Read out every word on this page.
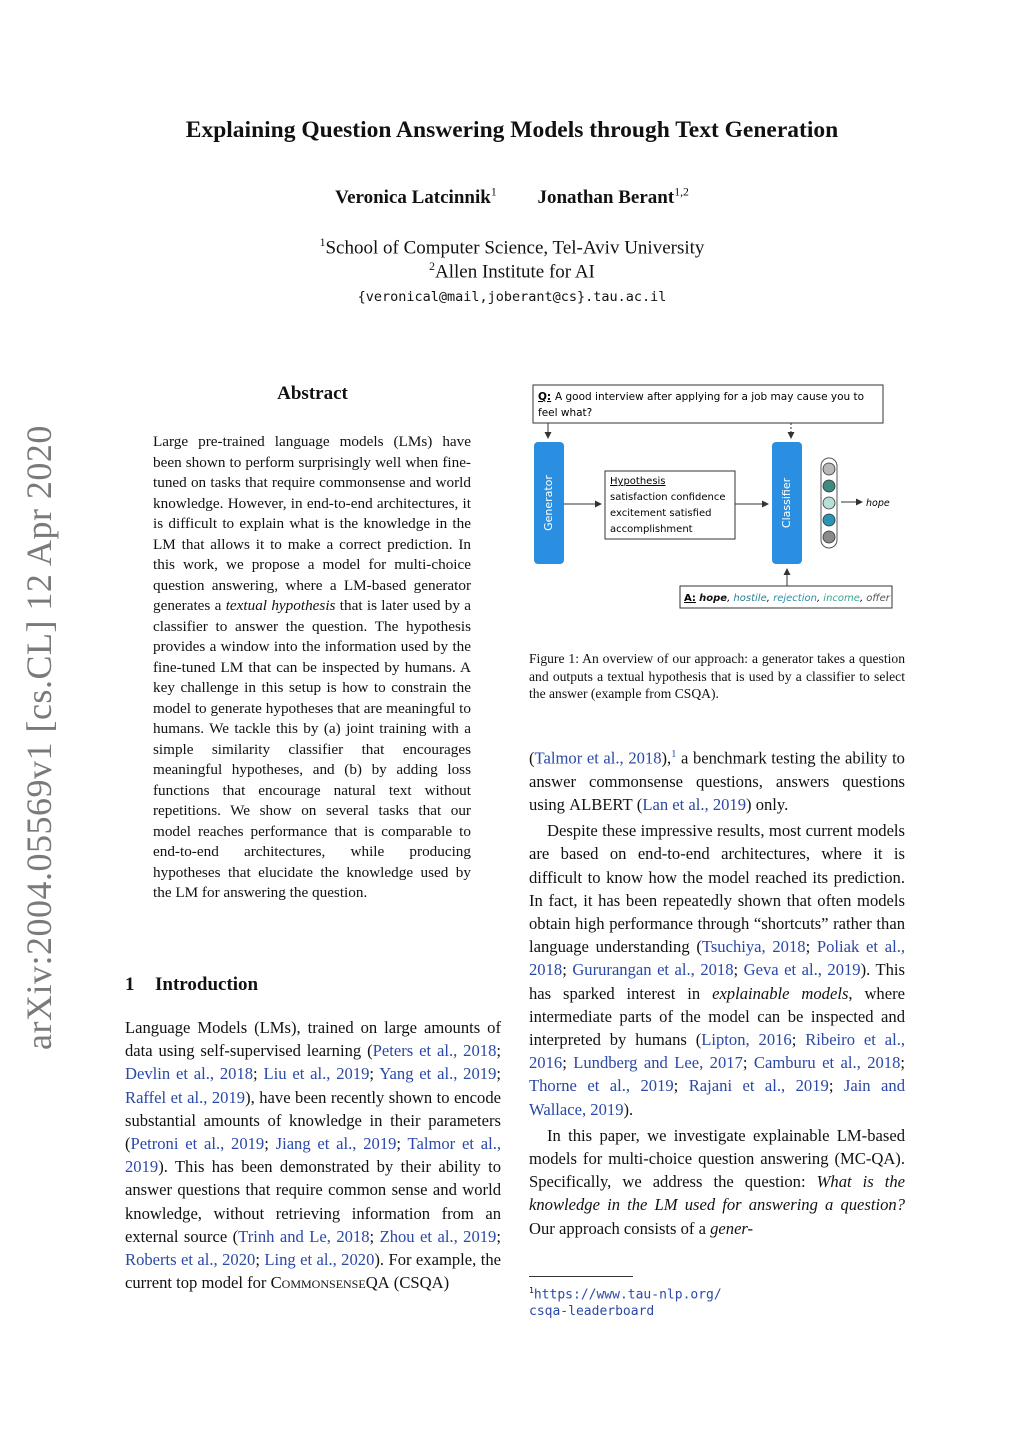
Explaining Question Answering Models through Text Generation
Veronica Latcinnik$^1$ Jonathan Berant$^{1,2}$
$^1$School of Computer Science, Tel-Aviv University
$^2$Allen Institute for AI
{veronical@mail,joberant@cs}.tau.ac.il
arXiv:2004.05569v1 [cs.CL] 12 Apr 2020
Abstract
Large pre-trained language models (LMs) have been shown to perform surprisingly well when fine-tuned on tasks that require commonsense and world knowledge. However, in end-to-end architectures, it is difficult to explain what is the knowledge in the LM that allows it to make a correct prediction. In this work, we propose a model for multi-choice question answering, where a LM-based generator generates a textual hypothesis that is later used by a classifier to answer the question. The hypothesis provides a window into the information used by the fine-tuned LM that can be inspected by humans. A key challenge in this setup is how to constrain the model to generate hypotheses that are meaningful to humans. We tackle this by (a) joint training with a simple similarity classifier that encourages meaningful hypotheses, and (b) by adding loss functions that encourage natural text without repetitions. We show on several tasks that our model reaches performance that is comparable to end-to-end architectures, while producing hypotheses that elucidate the knowledge used by the LM for answering the question.
1 Introduction
Language Models (LMs), trained on large amounts of data using self-supervised learning (Peters et al., 2018; Devlin et al., 2018; Liu et al., 2019; Yang et al., 2019; Raffel et al., 2019), have been recently shown to encode substantial amounts of knowledge in their parameters (Petroni et al., 2019; Jiang et al., 2019; Talmor et al., 2019). This has been demonstrated by their ability to answer questions that require common sense and world knowledge, without retrieving information from an external source (Trinh and Le, 2018; Zhou et al., 2019; Roberts et al., 2020; Ling et al., 2020). For example, the current top model for CommonsenseQA (CSQA)
Q: A good interview after applying for a job may cause you to
feel what?
Generator	Hypothesis
satisfaction confidence
excitement satisfied
accomplishment
Classifier	hope
A: hope, hostile, rejection, income, offer
Figure 1: An overview of our approach: a generator takes a question and outputs a textual hypothesis that is used by a classifier to select the answer (example from CSQA).

(Talmor et al., 2018),$^1$ a benchmark testing the ability to answer commonsense questions, answers questions using ALBERT (Lan et al., 2019) only.

Despite these impressive results, most current models are based on end-to-end architectures, where it is difficult to know how the model reached its prediction. In fact, it has been repeatedly shown that often models obtain high performance through “shortcuts” rather than language understanding (Tsuchiya, 2018; Poliak et al., 2018; Gururangan et al., 2018; Geva et al., 2019). This has sparked interest in explainable models, where intermediate parts of the model can be inspected and interpreted by humans (Lipton, 2016; Ribeiro et al., 2016; Lundberg and Lee, 2017; Camburu et al., 2018; Thorne et al., 2019; Rajani et al., 2019; Jain and Wallace, 2019).

In this paper, we investigate explainable LM-based models for multi-choice question answering (MC-QA). Specifically, we address the question: What is the knowledge in the LM used for answering a question? Our approach consists of a gener-

$^1$https://www.tau-nlp.org/
csqa-leaderboard
